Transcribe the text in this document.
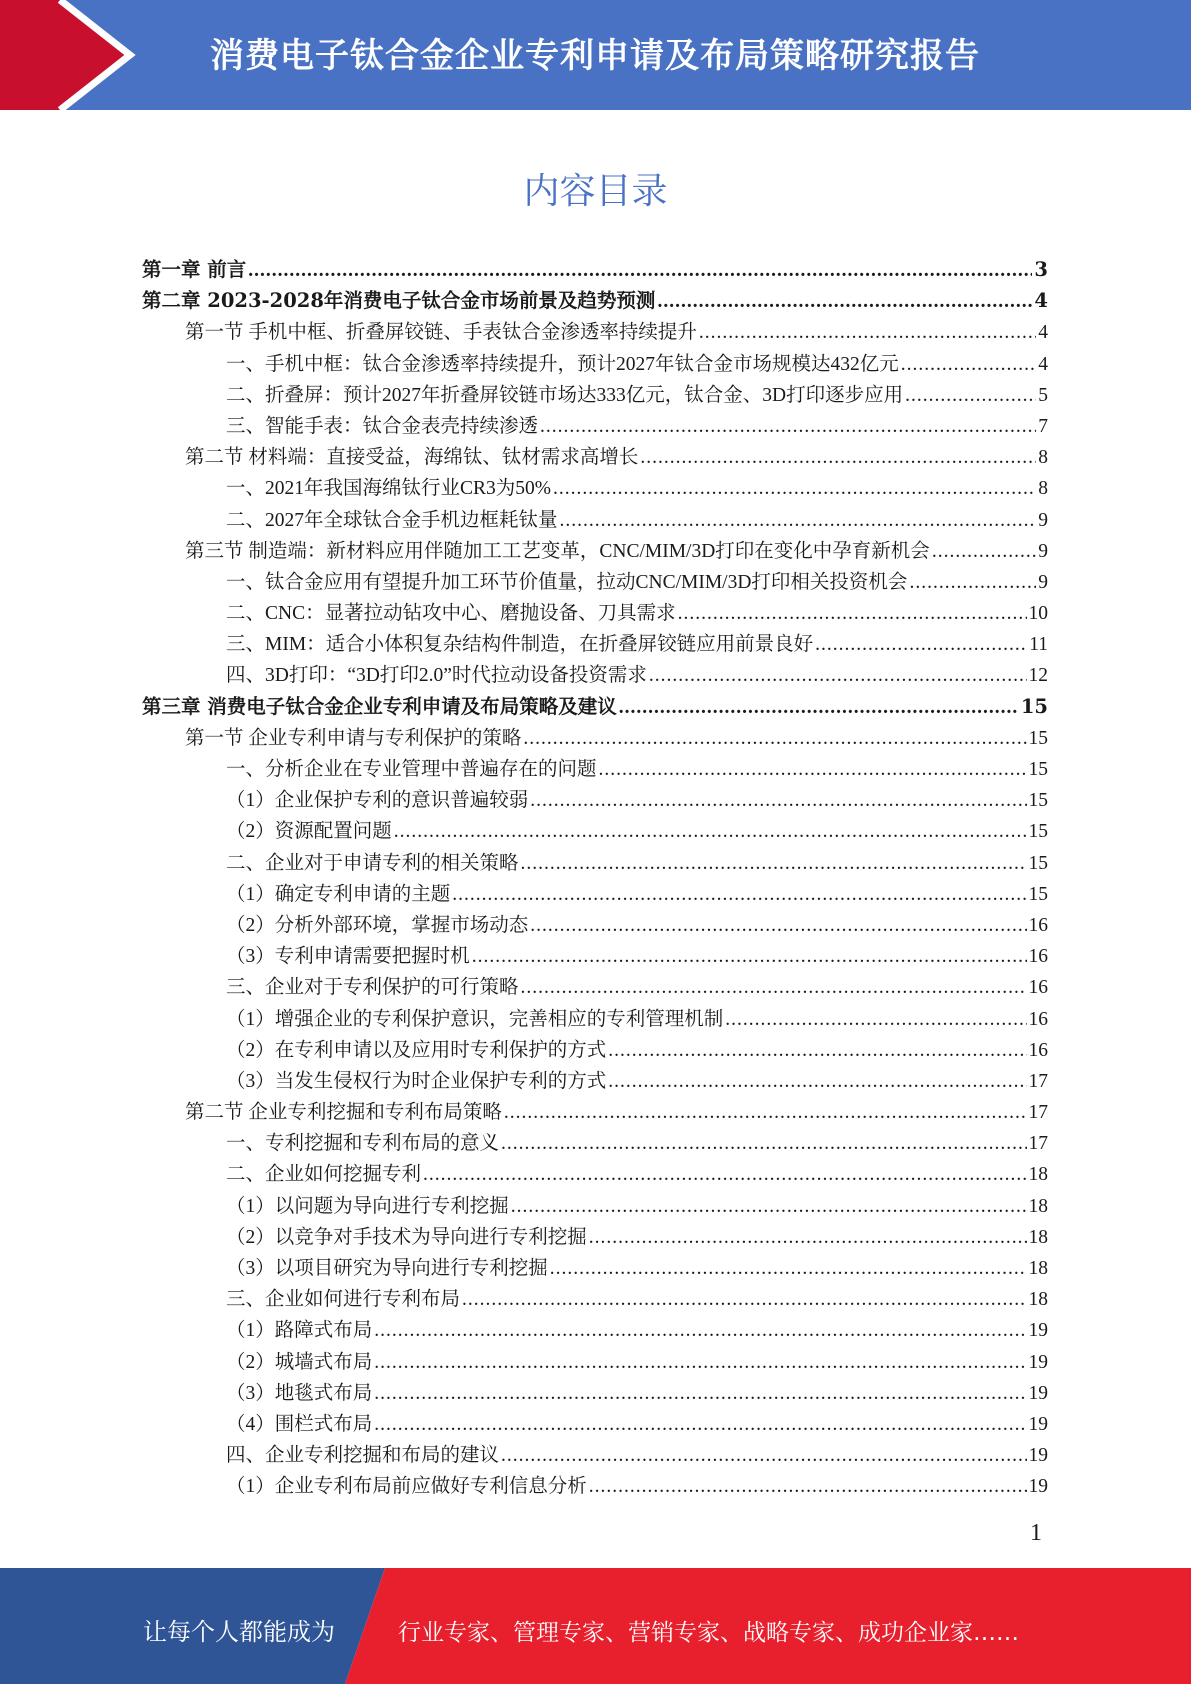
消费电子钛合金企业专利申请及布局策略研究报告
内容目录
第一章 前言 .....	3
第二章 2023-2028年消费电子钛合金市场前景及趋势预测 .....	4
第一节 手机中框、折叠屏铰链、手表钛合金渗透率持续提升 .....	4
一、手机中框：钛合金渗透率持续提升，预计2027年钛合金市场规模达432亿元 .....	4
二、折叠屏：预计2027年折叠屏铰链市场达333亿元，钛合金、3D打印逐步应用 .....	5
三、智能手表：钛合金表壳持续渗透 .....	7
第二节 材料端：直接受益，海绵钛、钛材需求高增长 .....	8
一、2021年我国海绵钛行业CR3为50% .....	8
二、2027年全球钛合金手机边框耗钛量 .....	9
第三节 制造端：新材料应用伴随加工工艺变革，CNC/MIM/3D打印在变化中孕育新机会 .....	9
一、钛合金应用有望提升加工环节价值量，拉动CNC/MIM/3D打印相关投资机会 .....	9
二、CNC：显著拉动钻攻中心、磨抛设备、刀具需求 .....	10
三、MIM：适合小体积复杂结构件制造，在折叠屏铰链应用前景良好 .....	11
四、3D打印：“3D打印2.0”时代拉动设备投资需求 .....	12
第三章 消费电子钛合金企业专利申请及布局策略及建议 .....	15
第一节 企业专利申请与专利保护的策略 .....	15
一、分析企业在专业管理中普遍存在的问题 .....	15
（1）企业保护专利的意识普遍较弱 .....	15
（2）资源配置问题 .....	15
二、企业对于申请专利的相关策略 .....	15
（1）确定专利申请的主题 .....	15
（2）分析外部环境，掌握市场动态 .....	16
（3）专利申请需要把握时机 .....	16
三、企业对于专利保护的可行策略 .....	16
（1）增强企业的专利保护意识，完善相应的专利管理机制 .....	16
（2）在专利申请以及应用时专利保护的方式 .....	16
（3）当发生侵权行为时企业保护专利的方式 .....	17
第二节 企业专利挖掘和专利布局策略 .....	17
一、专利挖掘和专利布局的意义 .....	17
二、企业如何挖掘专利 .....	18
（1）以问题为导向进行专利挖掘 .....	18
（2）以竞争对手技术为导向进行专利挖掘 .....	18
（3）以项目研究为导向进行专利挖掘 .....	18
三、企业如何进行专利布局 .....	18
（1）路障式布局 .....	19
（2）城墙式布局 .....	19
（3）地毯式布局 .....	19
（4）围栏式布局 .....	19
四、企业专利挖掘和布局的建议 .....	19
（1）企业专利布局前应做好专利信息分析 .....	19
1
让每个人都能成为	行业专家、管理专家、营销专家、战略专家、成功企业家……
